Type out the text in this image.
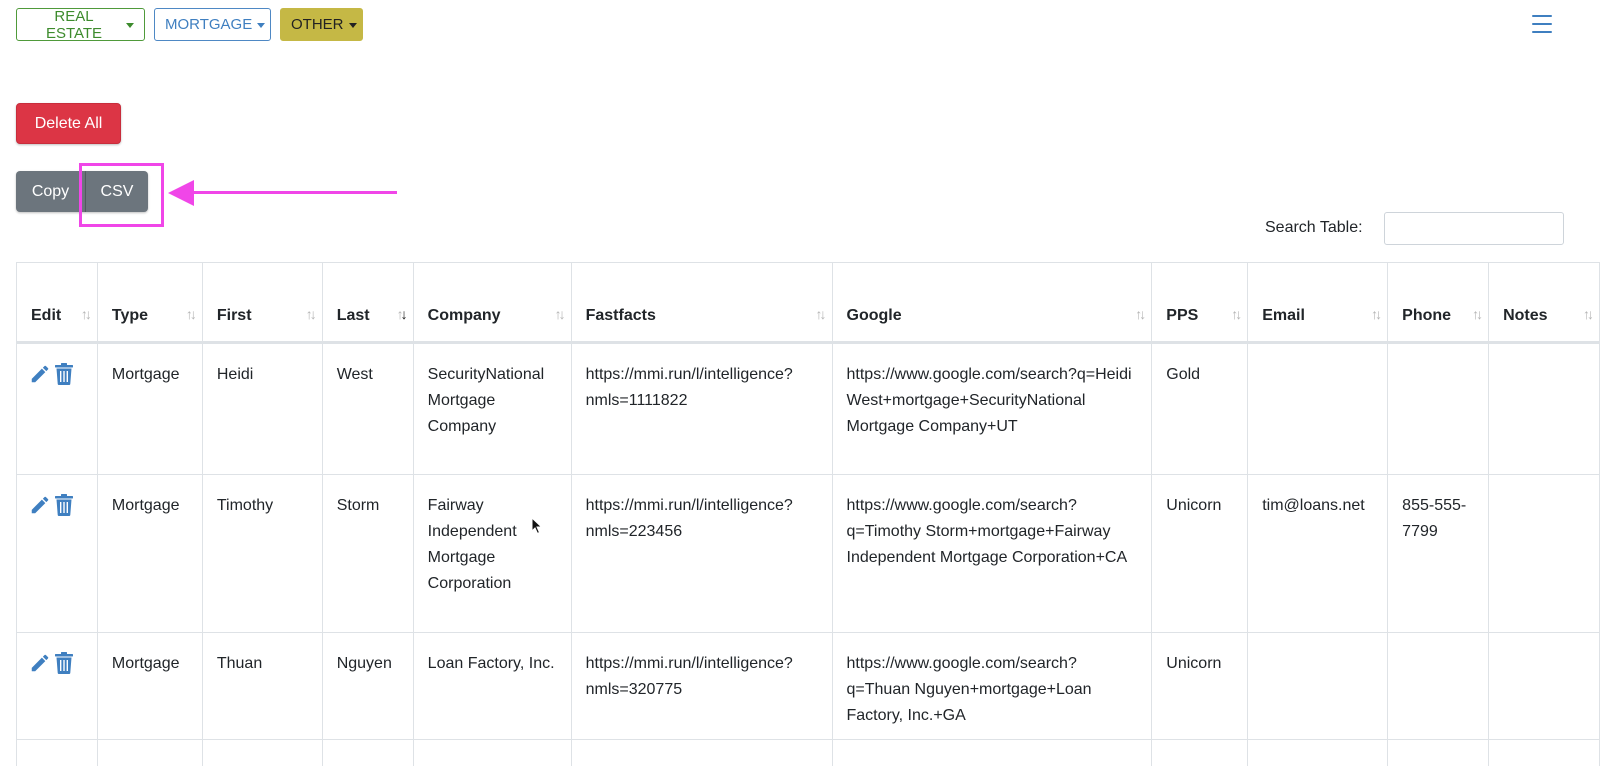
REAL ESTATE	MORTGAGE	OTHER
Delete All
Copy	CSV
Search Table:
Edit ↑↓	Type ↑↓	First ↑↓	Last ↑↓	Company ↑↓	Fastfacts ↑↓	Google ↑↓	PPS ↑↓	Email ↑↓	Phone ↑↓	Notes ↑↓

	Mortgage	Heidi	West	SecurityNational Mortgage Company	https://mmi.run/l/intelligence?nmls=1111822	https://www.google.com/search?q=Heidi West+mortgage+SecurityNational Mortgage Company+UT	Gold			
	Mortgage	Timothy	Storm	Fairway Independent Mortgage Corporation	https://mmi.run/l/intelligence?nmls=223456	https://www.google.com/search?q=Timothy Storm+mortgage+Fairway Independent Mortgage Corporation+CA	Unicorn	tim@loans.net	855-555-7799	
	Mortgage	Thuan	Nguyen	Loan Factory, Inc.	https://mmi.run/l/intelligence?nmls=320775	https://www.google.com/search?q=Thuan Nguyen+mortgage+Loan Factory, Inc.+GA	Unicorn			
